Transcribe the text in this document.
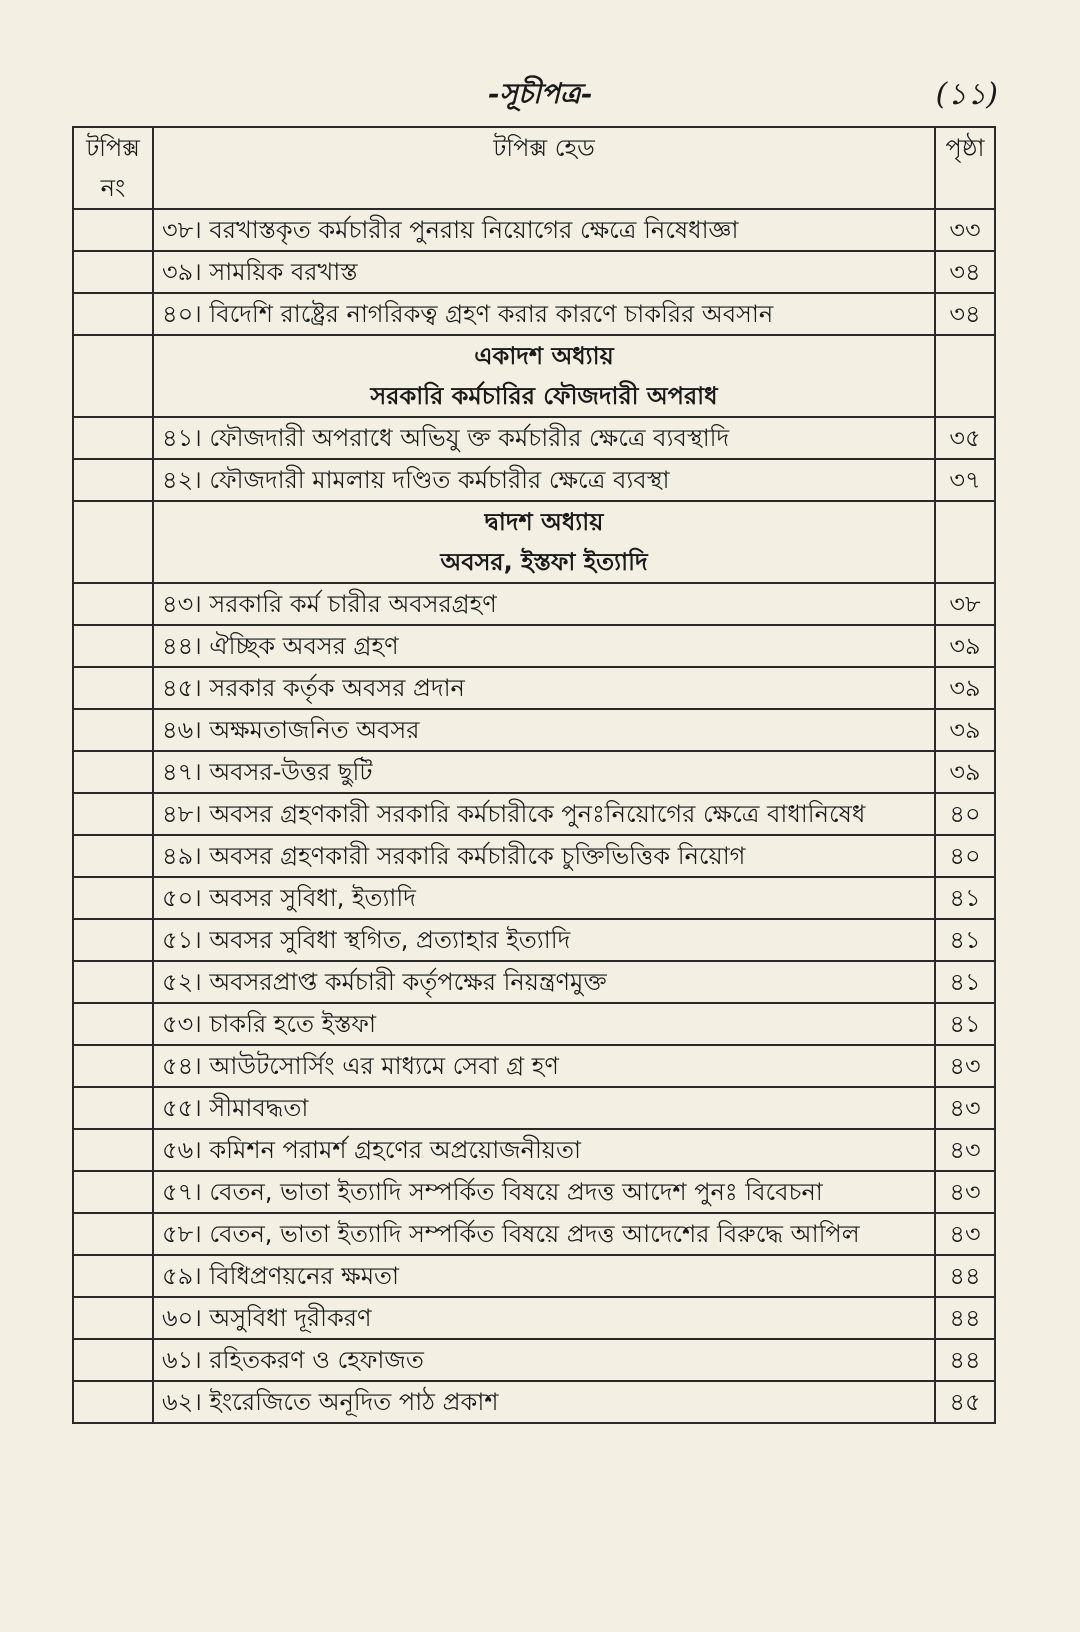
-সূচীপত্র-	(১১)
টপিক্স নং	টপিক্স হেড	পৃষ্ঠা
	৩৮। বরখাস্তকৃত কর্মচারীর পুনরায় নিয়োগের ক্ষেত্রে নিষেধাজ্ঞা	৩৩
	৩৯। সাময়িক বরখাস্ত	৩৪
	৪০। বিদেশি রাষ্ট্রের নাগরিকত্ব গ্রহণ করার কারণে চাকরির অবসান	৩৪

	একাদশ অধ্যায়
সরকারি কর্মচারির ফৌজদারী অপরাধ	

	৪১। ফৌজদারী অপরাধে অভিযু ক্ত কর্মচারীর ক্ষেত্রে ব্যবস্থাদি	৩৫
	৪২। ফৌজদারী মামলায় দণ্ডিত কর্মচারীর ক্ষেত্রে ব্যবস্থা	৩৭

	দ্বাদশ অধ্যায়
অবসর, ইস্তফা ইত্যাদি	

	৪৩। সরকারি কর্ম চারীর অবসরগ্রহণ	৩৮
	৪৪। ঐচ্ছিক অবসর গ্রহণ	৩৯
	৪৫। সরকার কর্তৃক অবসর প্রদান	৩৯
	৪৬। অক্ষমতাজনিত অবসর	৩৯
	৪৭। অবসর-উত্তর ছুটি	৩৯
	৪৮। অবসর গ্রহণকারী সরকারি কর্মচারীকে পুনঃনিয়োগের ক্ষেত্রে বাধানিষেধ	৪০
	৪৯। অবসর গ্রহণকারী সরকারি কর্মচারীকে চুক্তিভিত্তিক নিয়োগ	৪০
	৫০। অবসর সুবিধা, ইত্যাদি	৪১
	৫১। অবসর সুবিধা স্থগিত, প্রত্যাহার ইত্যাদি	৪১
	৫২। অবসরপ্রাপ্ত কর্মচারী কর্তৃপক্ষের নিয়ন্ত্রণমুক্ত	৪১
	৫৩। চাকরি হতে ইস্তফা	৪১
	৫৪। আউটসোর্সিং এর মাধ্যমে সেবা গ্র হণ	৪৩
	৫৫। সীমাবদ্ধতা	৪৩
	৫৬। কমিশন পরামর্শ গ্রহণের অপ্রয়োজনীয়তা	৪৩
	৫৭। বেতন, ভাতা ইত্যাদি সম্পর্কিত বিষয়ে প্রদত্ত আদেশ পুনঃ বিবেচনা	৪৩
	৫৮। বেতন, ভাতা ইত্যাদি সম্পর্কিত বিষয়ে প্রদত্ত আদেশের বিরুদ্ধে আপিল	৪৩
	৫৯। বিধিপ্রণয়নের ক্ষমতা	৪৪
	৬০। অসুবিধা দূরীকরণ	৪৪
	৬১। রহিতকরণ ও হেফাজত	৪৪
	৬২। ইংরেজিতে অনূদিত পাঠ প্রকাশ	৪৫
